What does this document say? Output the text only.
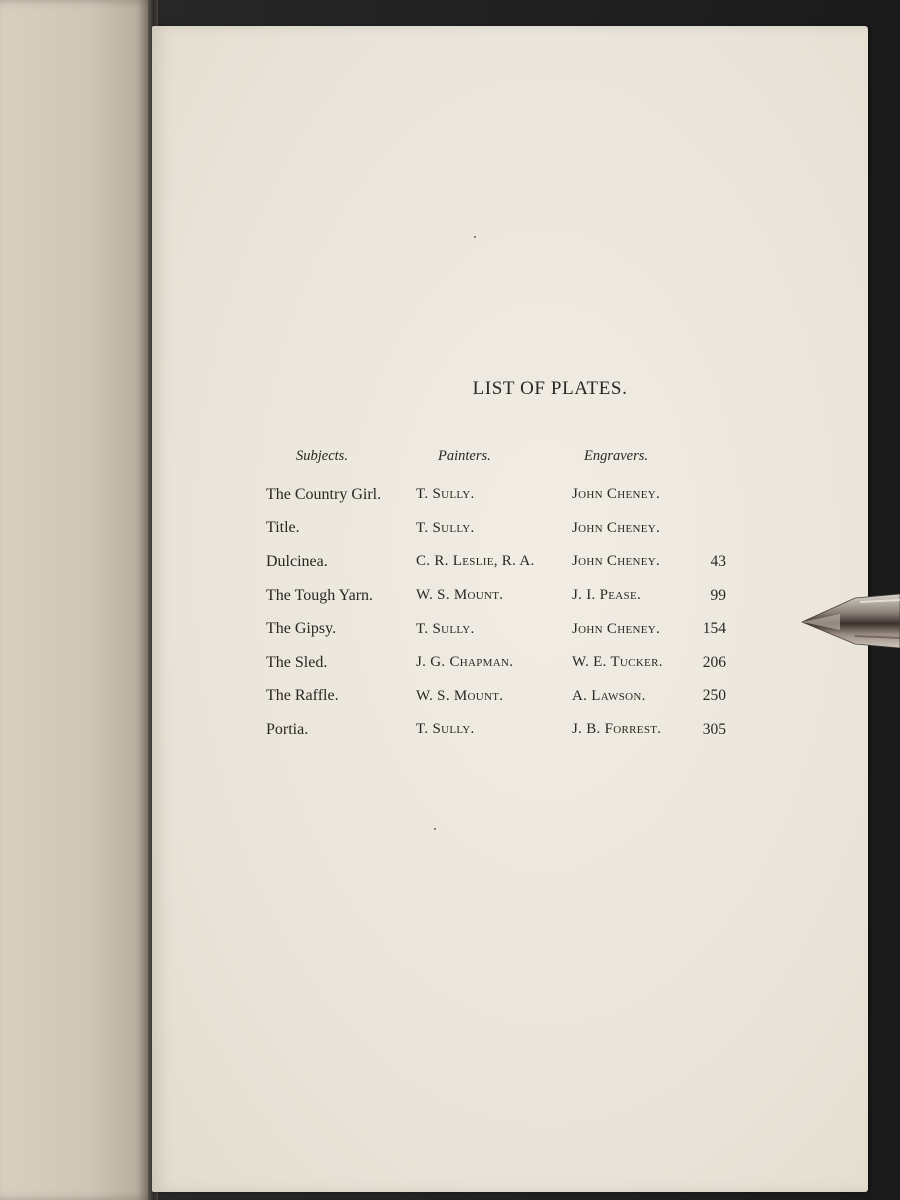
LIST OF PLATES.
Subjects.	Painters.	Engravers.	
The Country Girl.	T. Sully.	John Cheney.	
Title.	T. Sully.	John Cheney.	
Dulcinea.	C. R. Leslie, R. A.	John Cheney.	43
The Tough Yarn.	W. S. Mount.	J. I. Pease.	99
The Gipsy.	T. Sully.	John Cheney.	154
The Sled.	J. G. Chapman.	W. E. Tucker.	206
The Raffle.	W. S. Mount.	A. Lawson.	250
Portia.	T. Sully.	J. B. Forrest.	305
